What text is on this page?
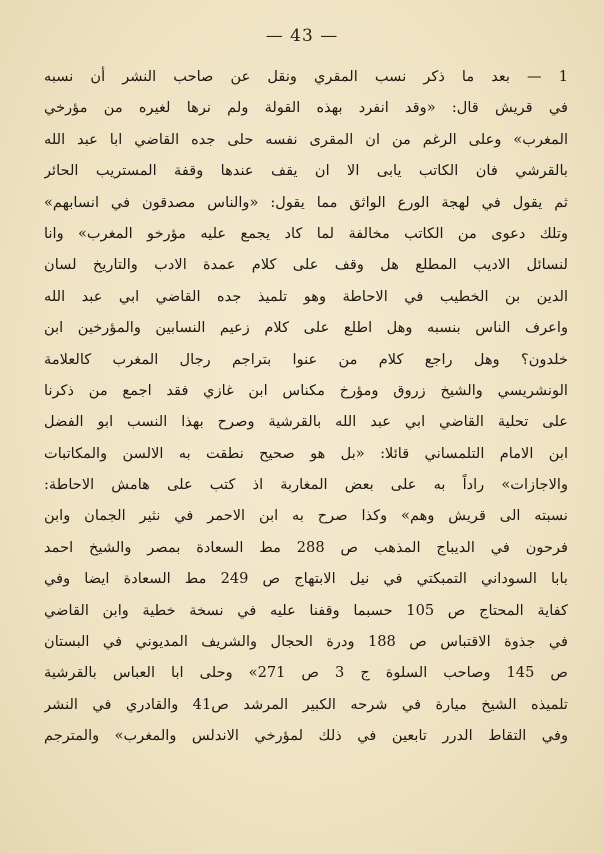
— 43 —
1 — بعد ما ذكر نسب المقري ونقل عن صاحب النشر أن نسبه
في قريش قال: «وقد انفرد بهذه القولة ولم نرها لغيره من مؤرخي
المغرب» وعلى الرغم من ان المقرى نفسه حلى جده القاضي ابا عبد الله
بالقرشي فان الكاتب يابى الا ان يقف عندها وقفة المستريب الحائر
ثم يقول في لهجة الورع الواثق مما يقول: «والناس مصدقون في انسابهم»
وتلك دعوى من الكاتب مخالفة لما كاد يجمع عليه مؤرخو المغرب» وانا
لنسائل الاديب المطلع هل وقف على كلام عمدة الادب والتاريخ لسان
الدين بن الخطيب في الاحاطة وهو تلميذ جده القاضي ابي عبد الله
واعرف الناس بنسبه وهل اطلع على كلام زعيم النسابين والمؤرخين ابن
خلدون؟ وهل راجع كلام من عنوا بتراجم رجال المغرب كالعلامة
الونشريسي والشيخ زروق ومؤرخ مكناس ابن غازي فقد اجمع من ذكرنا
على تحلية القاضي ابي عبد الله بالقرشية وصرح بهذا النسب ابو الفضل
ابن الامام التلمساني قائلا: «بل هو صحيح نطقت به الالسن والمكاتبات
والاجازات» راداً به على بعض المغاربة اذ كتب على هامش الاحاطة:
نسبته الى قريش وهم» وكذا صرح به ابن الاحمر في نثير الجمان وابن
فرحون في الديباج المذهب ص 288 مط السعادة بمصر والشيخ احمد
بابا السوداني التمبكتي في نيل الابتهاج ص 249 مط السعادة ايضا وفي
كفاية المحتاج ص 105 حسبما وقفنا عليه في نسخة خطية وابن القاضي
في جذوة الاقتباس ص 188 ودرة الحجال والشريف المديوني في البستان
ص 145 وصاحب السلوة ج 3 ص 271» وحلى ابا العباس بالقرشية
تلميذه الشيخ ميارة في شرحه الكبير المرشد ص41 والقادري في النشر
وفي التقاط الدرر تابعين في ذلك لمؤرخي الاندلس والمغرب» والمترجم
